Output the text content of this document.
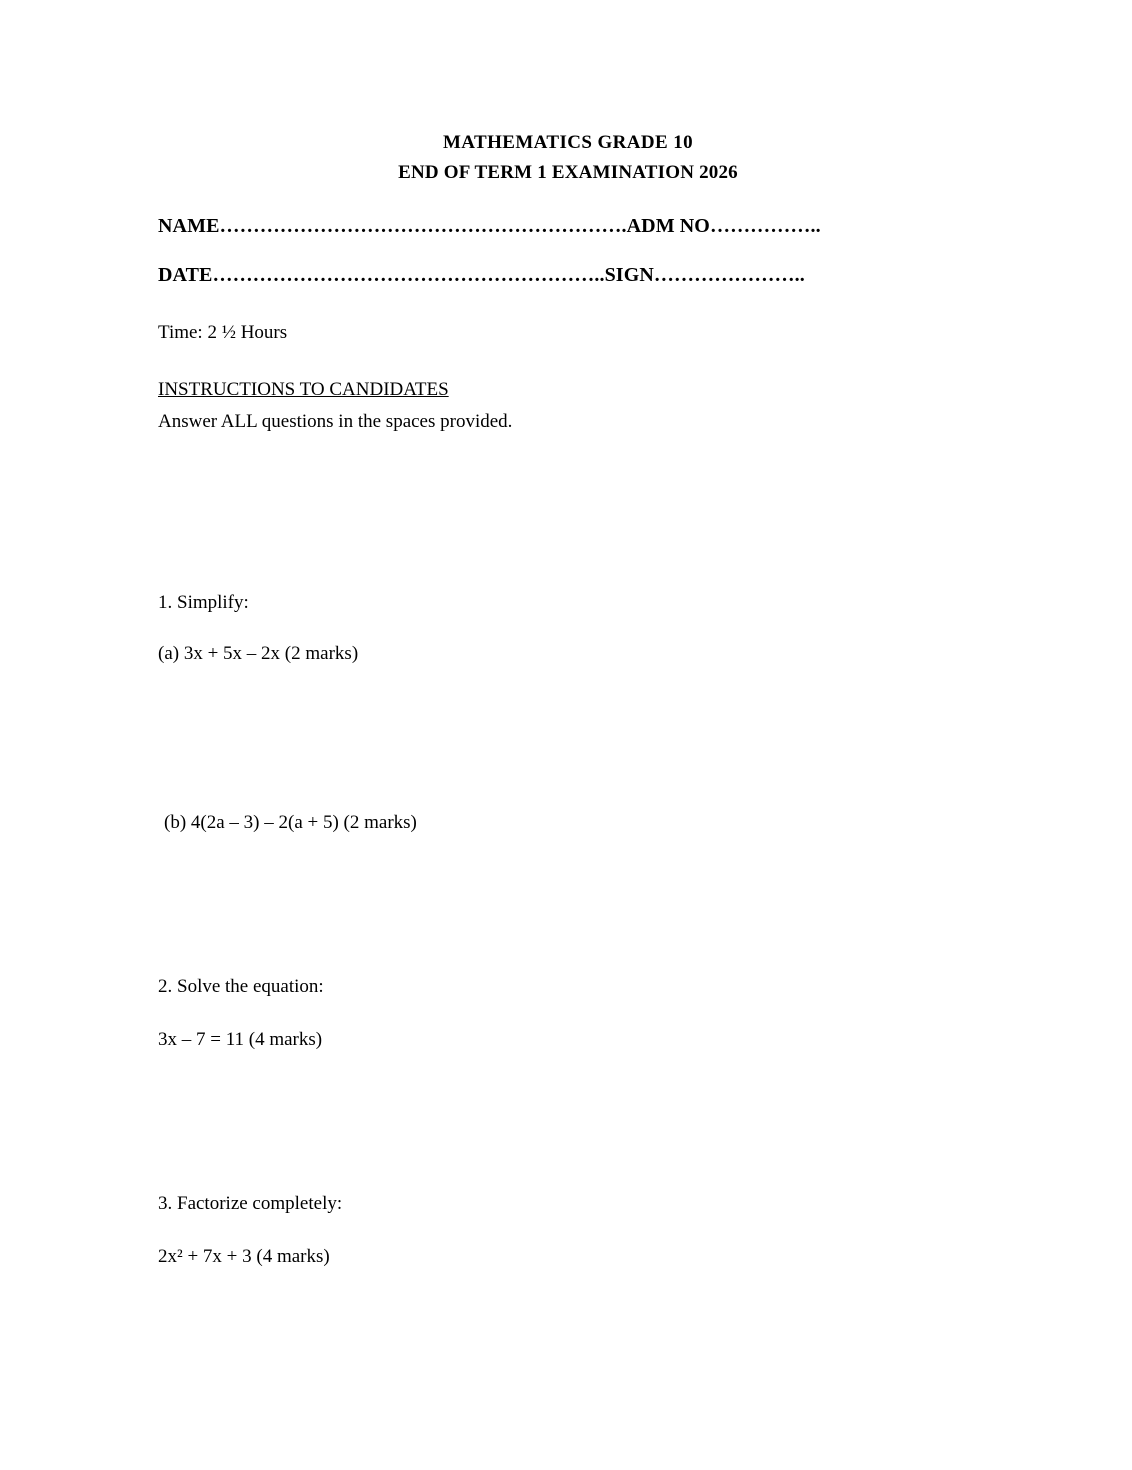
MATHEMATICS GRADE 10
END OF TERM 1 EXAMINATION 2026
NAME…………………………………………………….ADM NO……………..
DATE…………………………………………………..SIGN…………………..
Time: 2 ½ Hours
INSTRUCTIONS TO CANDIDATES
Answer ALL questions in the spaces provided.
1. Simplify:
(a) 3x + 5x – 2x (2 marks)
(b) 4(2a – 3) – 2(a + 5) (2 marks)
2. Solve the equation:
3x – 7 = 11 (4 marks)
3. Factorize completely:
2x² + 7x + 3 (4 marks)
